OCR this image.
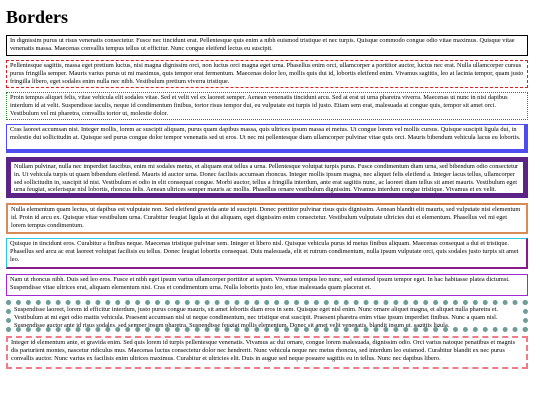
Borders
In dignissim purus ut risus venenatis consectetur. Fusce nec tincidunt erat. Pellentesque quis enim a nibh euismod tristique et nec turpis. Quisque commodo congue odio vitae maximus. Quisque vitae venenatis massa. Maecenas convallis tempus tellus ut efficitur. Nunc congue eleifend lectus eu suscipit.
Pellentesque sagittis, massa eget pretium luctus, nisi magna dignissim orci, non luctus orci magna eget urna. Phasellus enim orci, ullamcorper a porttitor auctor, luctus nec erat. Nulla ullamcorper cursus purus fringilla semper. Mauris varius purus ut mi maximus, quis tempor erat fermentum. Maecenas dolor leo, mollis quis dui id, lobortis eleifend enim. Vivamus sagittis, leo at lacinia tempor, quam justo fringilla libero, eget sodales enim nulla nec nibh. Vestibulum pretium viverra tristique.
Proin tempus aliquet felis, vitae vehicula elit sodales vitae. Sed et velit vel ex laoreet semper. Aenean venenatis tincidunt arcu. Sed at erat ut urna pharetra viverra. Maecenas ut nunc in nisi dapibus interdum id at velit. Suspendisse iaculis, neque id condimentum finibus, tortor risus tempor dui, eu vulputate est turpis id justo. Etiam sem erat, malesuada at congue quis, tempor sit amet orci. Vestibulum vel mi pharetra, convallis tortor ut, molestie dolor.
Cras laoreet accumsan nisi. Integer mollis, lorem ac suscipit aliquam, purus quam dapibus massa, quis ultrices ipsum massa et metus. Ut congue lorem vel mollis cursus. Quisque suscipit ligula dui, in molestie dui sollicitudin at. Quisque sed purus congue dolor tempor venenatis sed ut eros. Ut nec mi pellentesque diam ullamcorper pulvinar vitae quis orci. Mauris bibendum vehicula lacus eu lobortis.
Nullam pulvinar, nulla nec imperdiet faucibus, enim mi sodales metus, et aliquam erat tellus a urna. Pellentesque volutpat turpis purus. Fusce condimentum diam urna, sed bibendum odio consectetur in. Ut vehicula turpis ut quam bibendum eleifend. Mauris id auctor urna. Donec facilisis accumsan rhoncus. Integer mollis ipsum magna, nec aliquet felis eleifend a. Integer lacus tellus, ullamcorper sed sollicitudin in, suscipit id nisi. Vestibulum et odio in elit consequat congue. Morbi auctor, tellus a fringilla interdum, ante erat sagittis nunc, ac laoreet diam tellus sit amet mauris. Vestibulum eget urna feugiat, scelerisque nisl lobortis, rhoncus felis. Aenean ultrices semper mauris ac mollis. Phasellus ornare vestibulum dignissim. Vivamus interdum congue tristique. Vivamus et ex velit. Pellentesque condimentum lectus quis magna pharetra, ac ornare mauris ornare.
Nulla elementum quam lectus, ut dapibus est vulputate non. Sed eleifend gravida ante id suscipit. Donec porttitor pulvinar risus quis dignissim. Aenean blandit elit mauris, sed vulputate nisi elementum id. Proin id arcu ex. Quisque vitae vestibulum urna. Curabitur feugiat ligula at dui aliquam, eget dignissim enim consectetur. Vestibulum vulputate ultricies dui et elementum. Phasellus vel mi eget lorem tempus condimentum.
Quisque in tincidunt eros. Curabitur a finibus neque. Maecenas tristique pulvinar sem. Integer et libero nisl. Quisque vehicula purus id metus finibus aliquam. Maecenas consequat a dui et tristique. Phasellus sed arcu ac erat laoreet volutpat facilisis eu tellus. Donec feugiat lobortis consequat. Duis malesuada, elit et rutrum condimentum, nulla ipsum vulputate orci, quis sodales justo turpis sit amet leo.
Nam ut rhoncus nibh. Duis sed leo eros. Fusce et nibh eget ipsum varius ullamcorper porttitor at sapien. Vivamus tempus leo nunc, sed euismod ipsum tempor eget. In hac habitasse platea dictumst. Suspendisse vitae ultrices erat, aliquam elementum nisi. Cras et condimentum urna. Nulla lobortis justo leo, vitae malesuada quam placerat et.
Suspendisse laoreet, lorem id efficitur interdum, justo purus congue mauris, sit amet lobortis diam eros in sem. Quisque eget nisl enim. Nunc ornare aliquet magna, et aliquet nulla pharetra et. Vestibulum at mi eget odio mattis vehicula. Praesent accumsan nisl ut neque condimentum, nec tristique erat suscipit. Praesent pharetra enim vitae ipsum imperdiet finibus. Nunc a quam nisl. Suspendisse auctor ante id risus sodales, sed semper ipsum pharetra. Suspendisse feugiat mollis elementum. Donec sit amet velit venenatis, blandit ipsum ut, sagittis ligula.
Integer id elementum ante, et gravida enim. Sed quis lorem id turpis pellentesque venenatis. Vivamus ac dui ornare, congue lorem malesuada, dignissim odio. Orci varius natoque penatibus et magnis dis parturient montes, nascetur ridiculus mus. Maecenas luctus consectetur dolor nec hendrerit. Nunc vehicula neque nec metus rhoncus, sed interdum leo euismod. Curabitur blandit ex nec purus convallis auctor. Nunc varius ex facilisis enim ultrices maximus. Curabitur et ultricies elit. Duis in augue sed neque posuere sagittis eu in tellus. Nunc nec dapibus libero.
